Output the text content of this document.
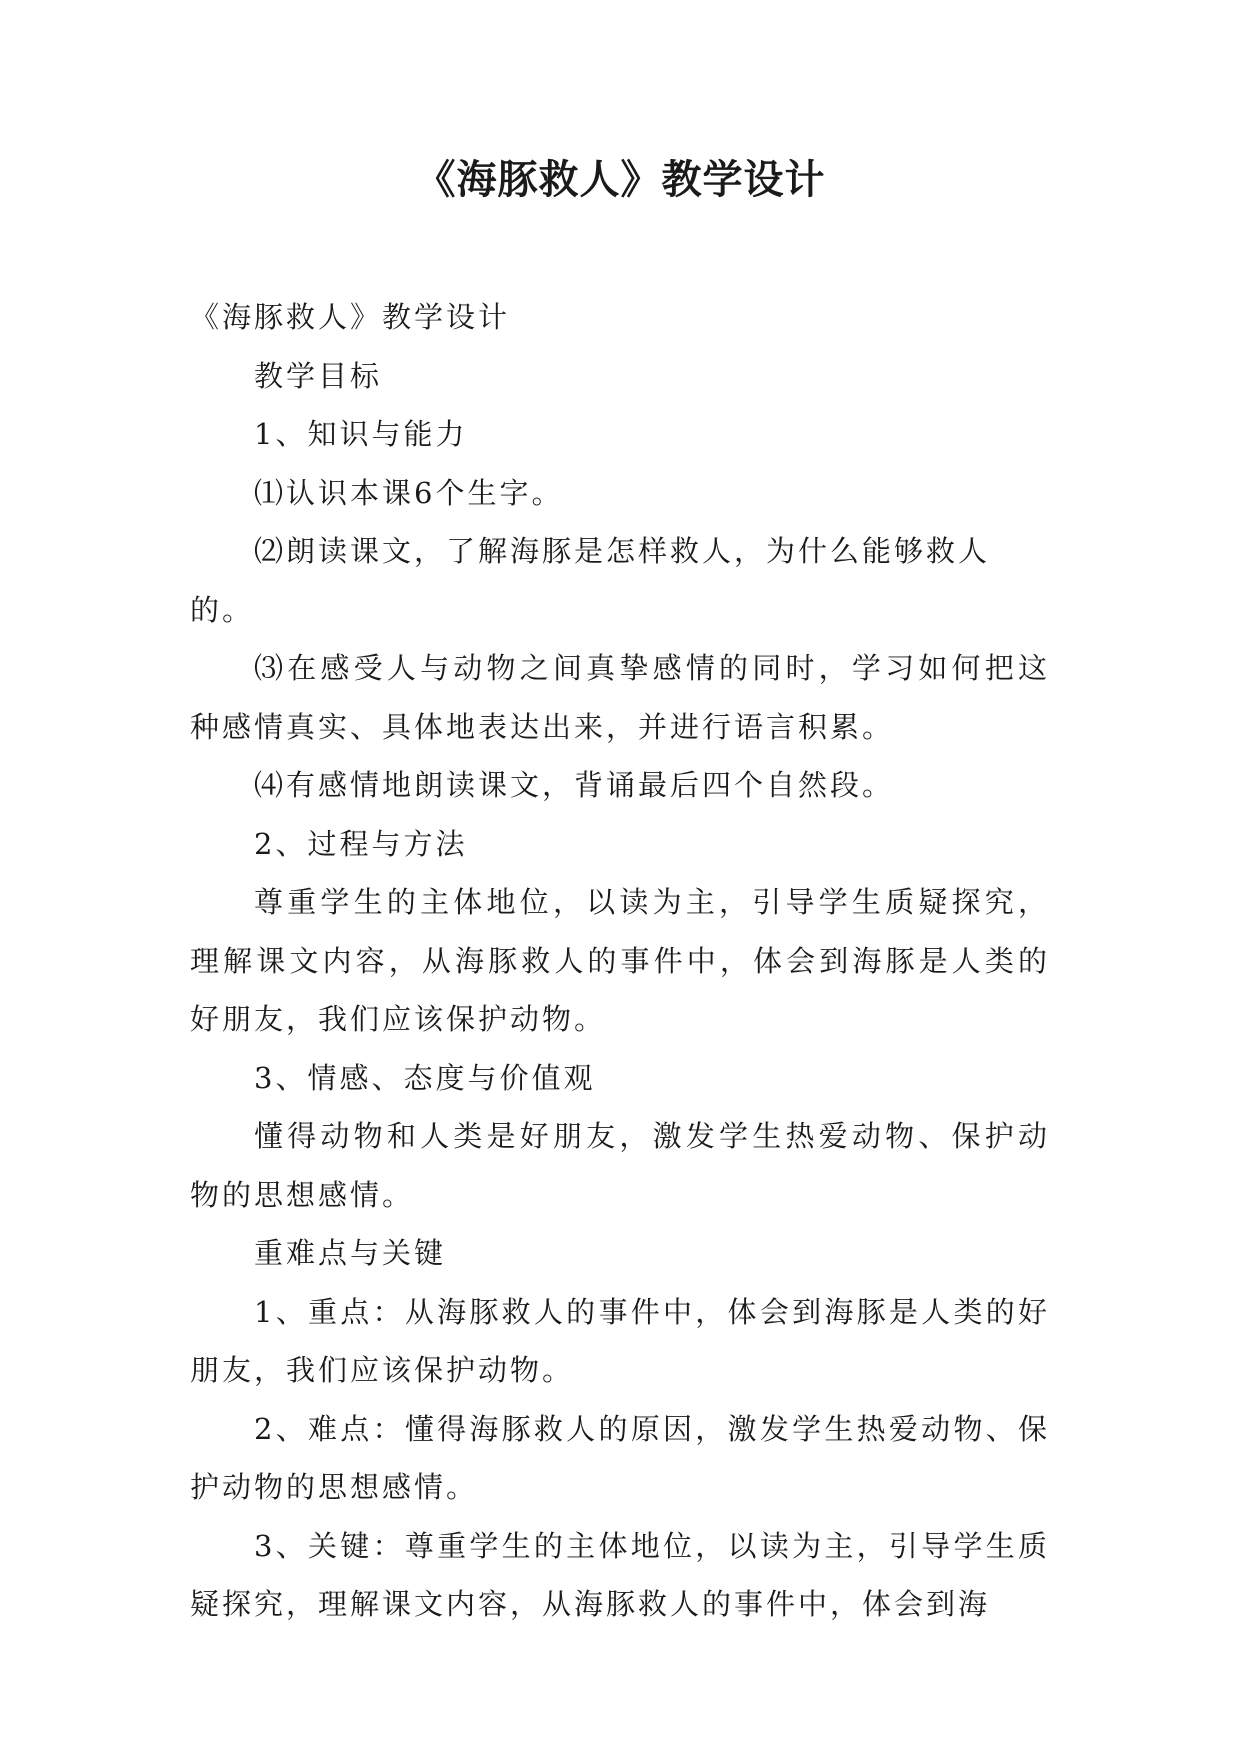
《海豚救人》教学设计

《海豚救人》教学设计

教学目标

1、知识与能力

⑴认识本课6个生字。

⑵朗读课文，了解海豚是怎样救人，为什么能够救人的。

⑶在感受人与动物之间真挚感情的同时，学习如何把这种感情真实、具体地表达出来，并进行语言积累。

⑷有感情地朗读课文，背诵最后四个自然段。

2、过程与方法

尊重学生的主体地位，以读为主，引导学生质疑探究，理解课文内容，从海豚救人的事件中，体会到海豚是人类的好朋友，我们应该保护动物。

3、情感、态度与价值观

懂得动物和人类是好朋友，激发学生热爱动物、保护动物的思想感情。

重难点与关键

1、重点：从海豚救人的事件中，体会到海豚是人类的好朋友，我们应该保护动物。

2、难点：懂得海豚救人的原因，激发学生热爱动物、保护动物的思想感情。

3、关键：尊重学生的主体地位，以读为主，引导学生质疑探究，理解课文内容，从海豚救人的事件中，体会到海
